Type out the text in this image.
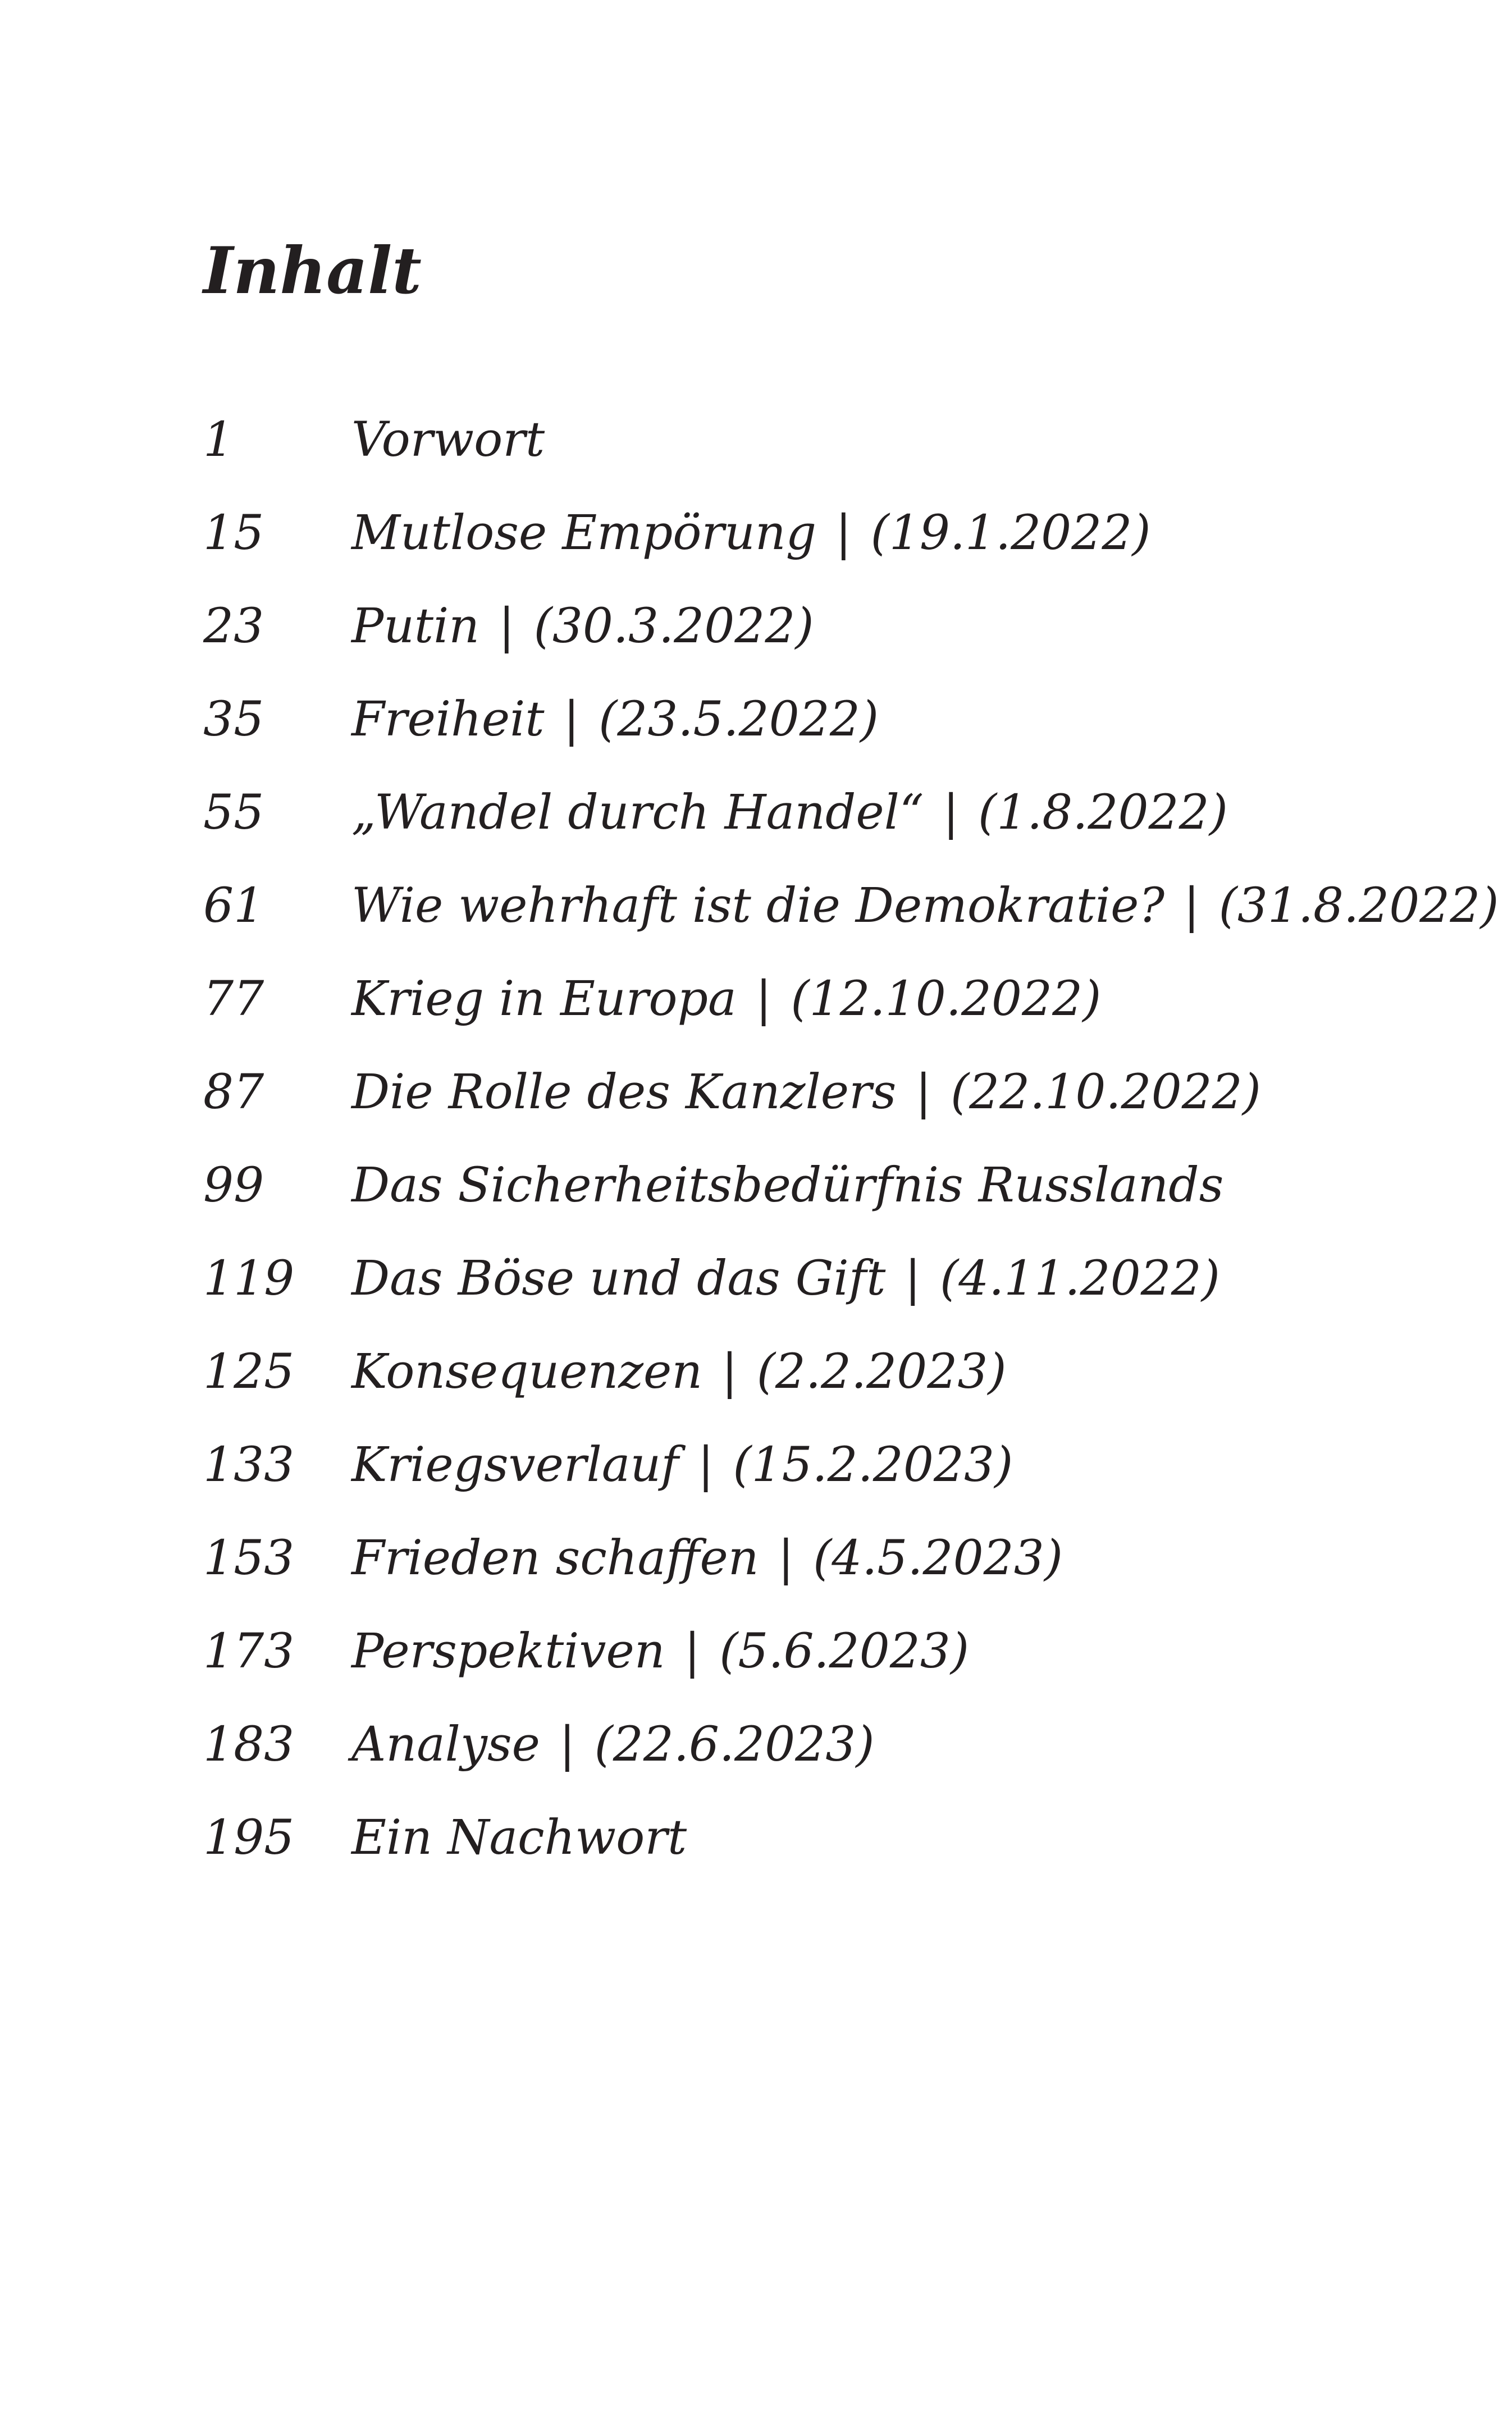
Inhalt
1	Vorwort
15	Mutlose Empörung | (19.1.2022)
23	Putin | (30.3.2022)
35	Freiheit | (23.5.2022)
55	„Wandel durch Handel“ | (1.8.2022)
61	Wie wehrhaft ist die Demokratie? | (31.8.2022)
77	Krieg in Europa | (12.10.2022)
87	Die Rolle des Kanzlers | (22.10.2022)
99	Das Sicherheitsbedürfnis Russlands
119	Das Böse und das Gift | (4.11.2022)
125	Konsequenzen | (2.2.2023)
133	Kriegsverlauf | (15.2.2023)
153	Frieden schaffen | (4.5.2023)
173	Perspektiven | (5.6.2023)
183	Analyse | (22.6.2023)
195	Ein Nachwort
